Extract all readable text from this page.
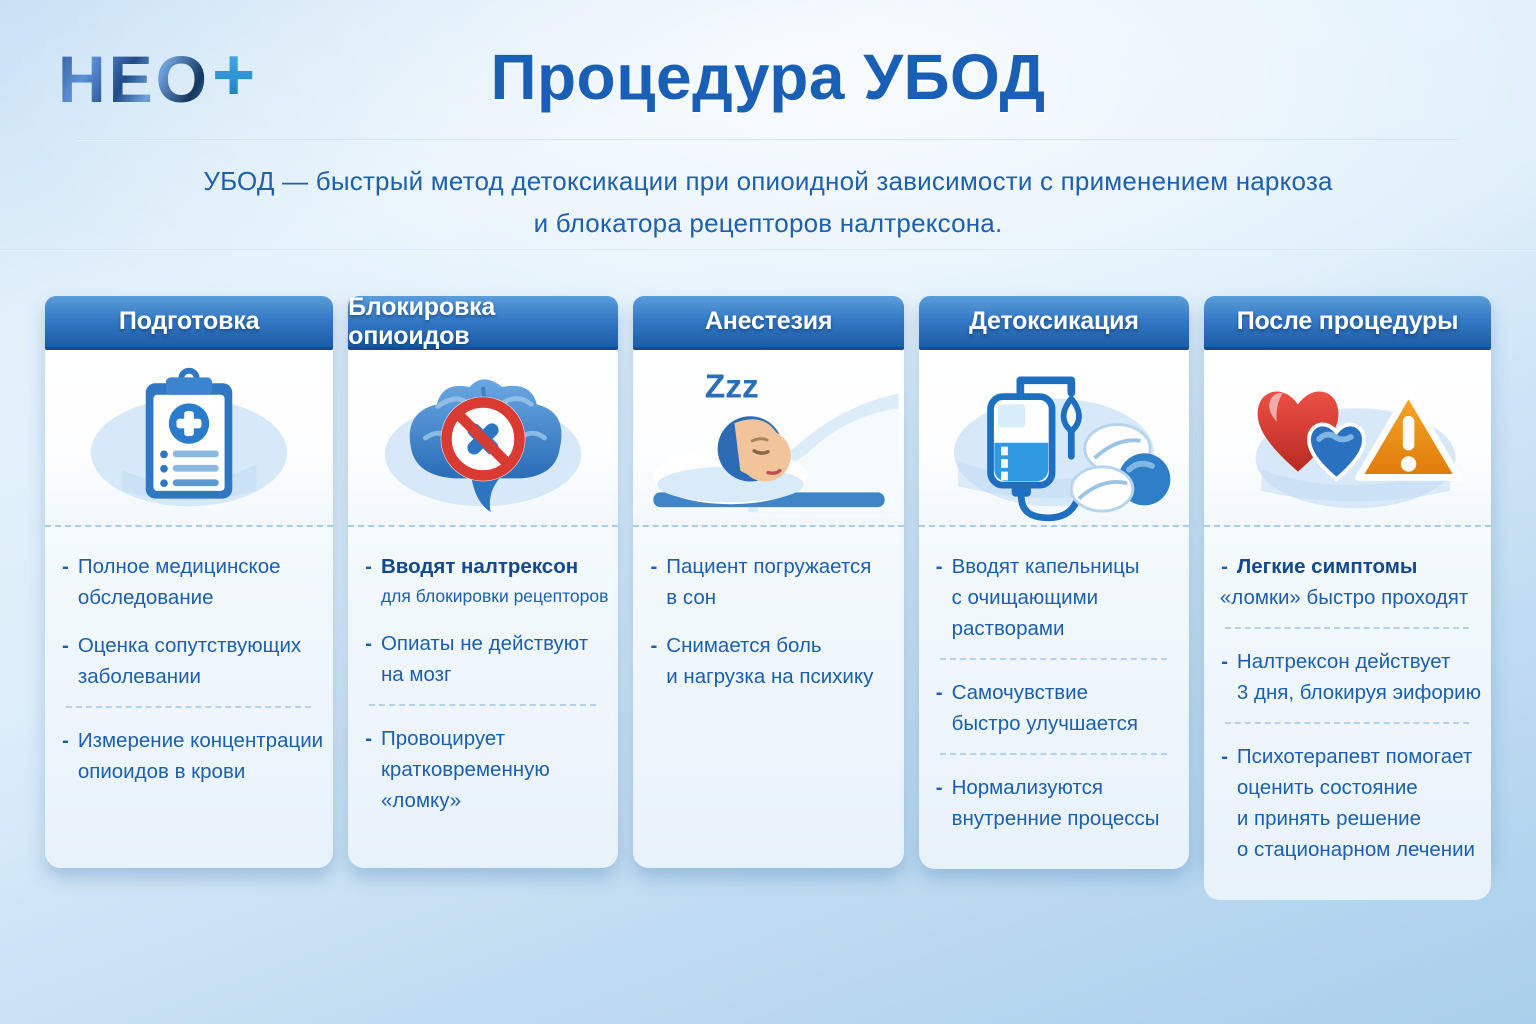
НЕО +	Процедура УБОД
УБОД — быстрый метод детоксикации при опиоидной зависимости с применением наркоза
и блокатора рецепторов налтрексона.
Подготовка
- Полное медицинское
обследование
- Оценка сопутствующих
заболевании
- Измерение концентрации
опиоидов в крови
Блокировка опиоидов
- Вводят налтрексон
для блокировки рецепторов
- Опиаты не действуют
на мозг
- Провоцирует
кратковременную
«ломку»
Анестезия
Zzz
- Пациент погружается
в сон
- Снимается боль
и нагрузка на психику
Детоксикация
- Вводят капельницы
с очищающими
растворами
- Самочувствие
быстро улучшается
- Нормализуются
внутренние процессы
После процедуры
- Легкие симптомы
«ломки» быстро проходят
- Налтрексон действует
3 дня, блокируя эифорию
- Психотерапевт помогает
оценить состояние
и принять решение
о стационарном лечении
